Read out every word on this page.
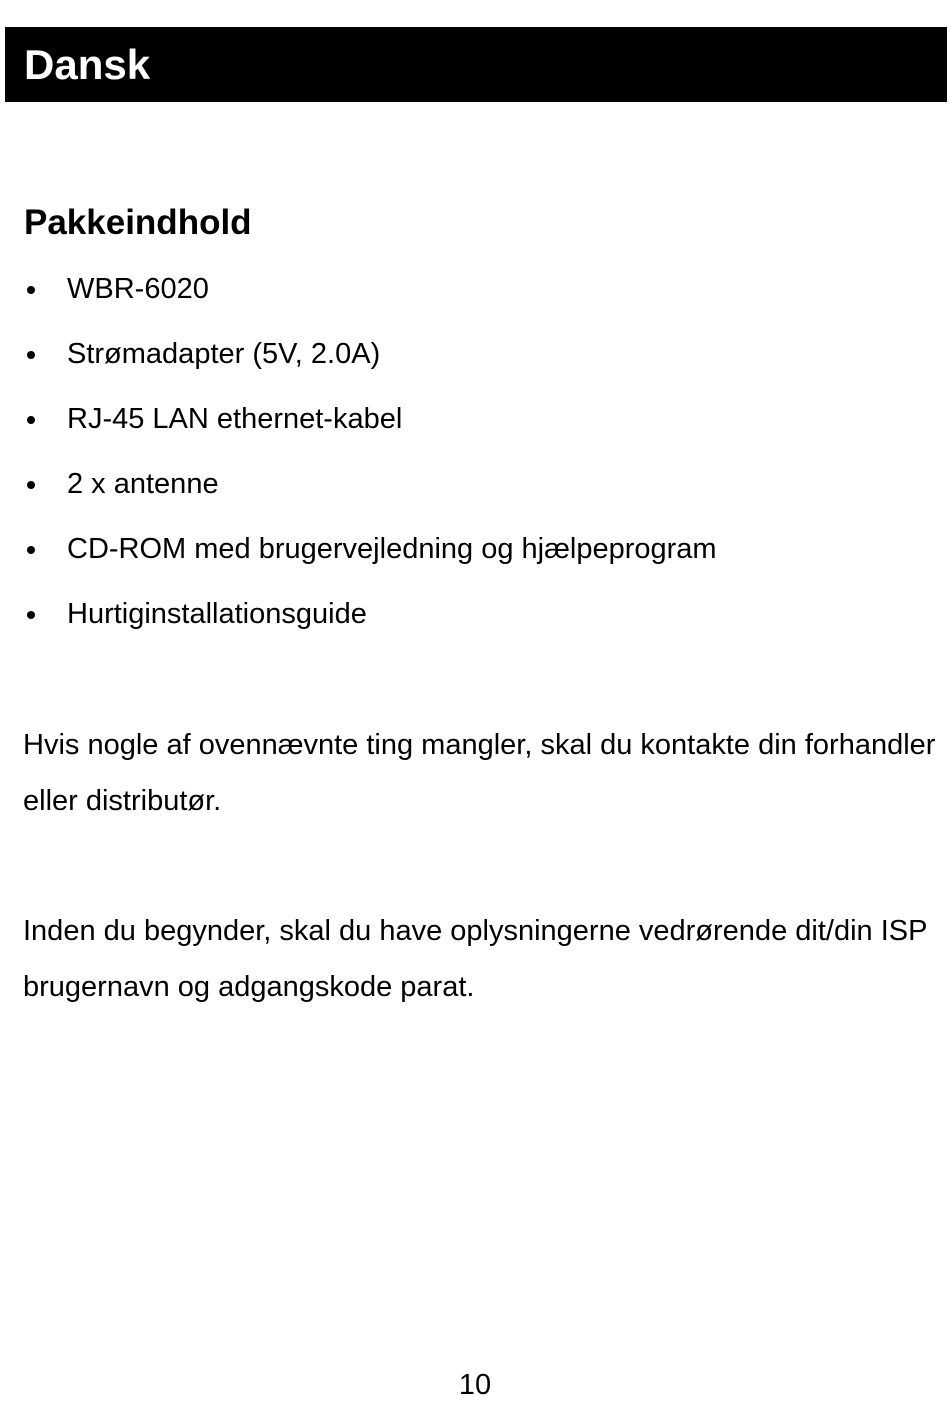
Dansk
Pakkeindhold
WBR-6020
Strømadapter (5V, 2.0A)
RJ-45 LAN ethernet-kabel
2 x antenne
CD-ROM med brugervejledning og hjælpeprogram
Hurtiginstallationsguide

Hvis nogle af ovennævnte ting mangler, skal du kontakte din forhandler eller distributør.

Inden du begynder, skal du have oplysningerne vedrørende dit/din ISP brugernavn og adgangskode parat.

10
